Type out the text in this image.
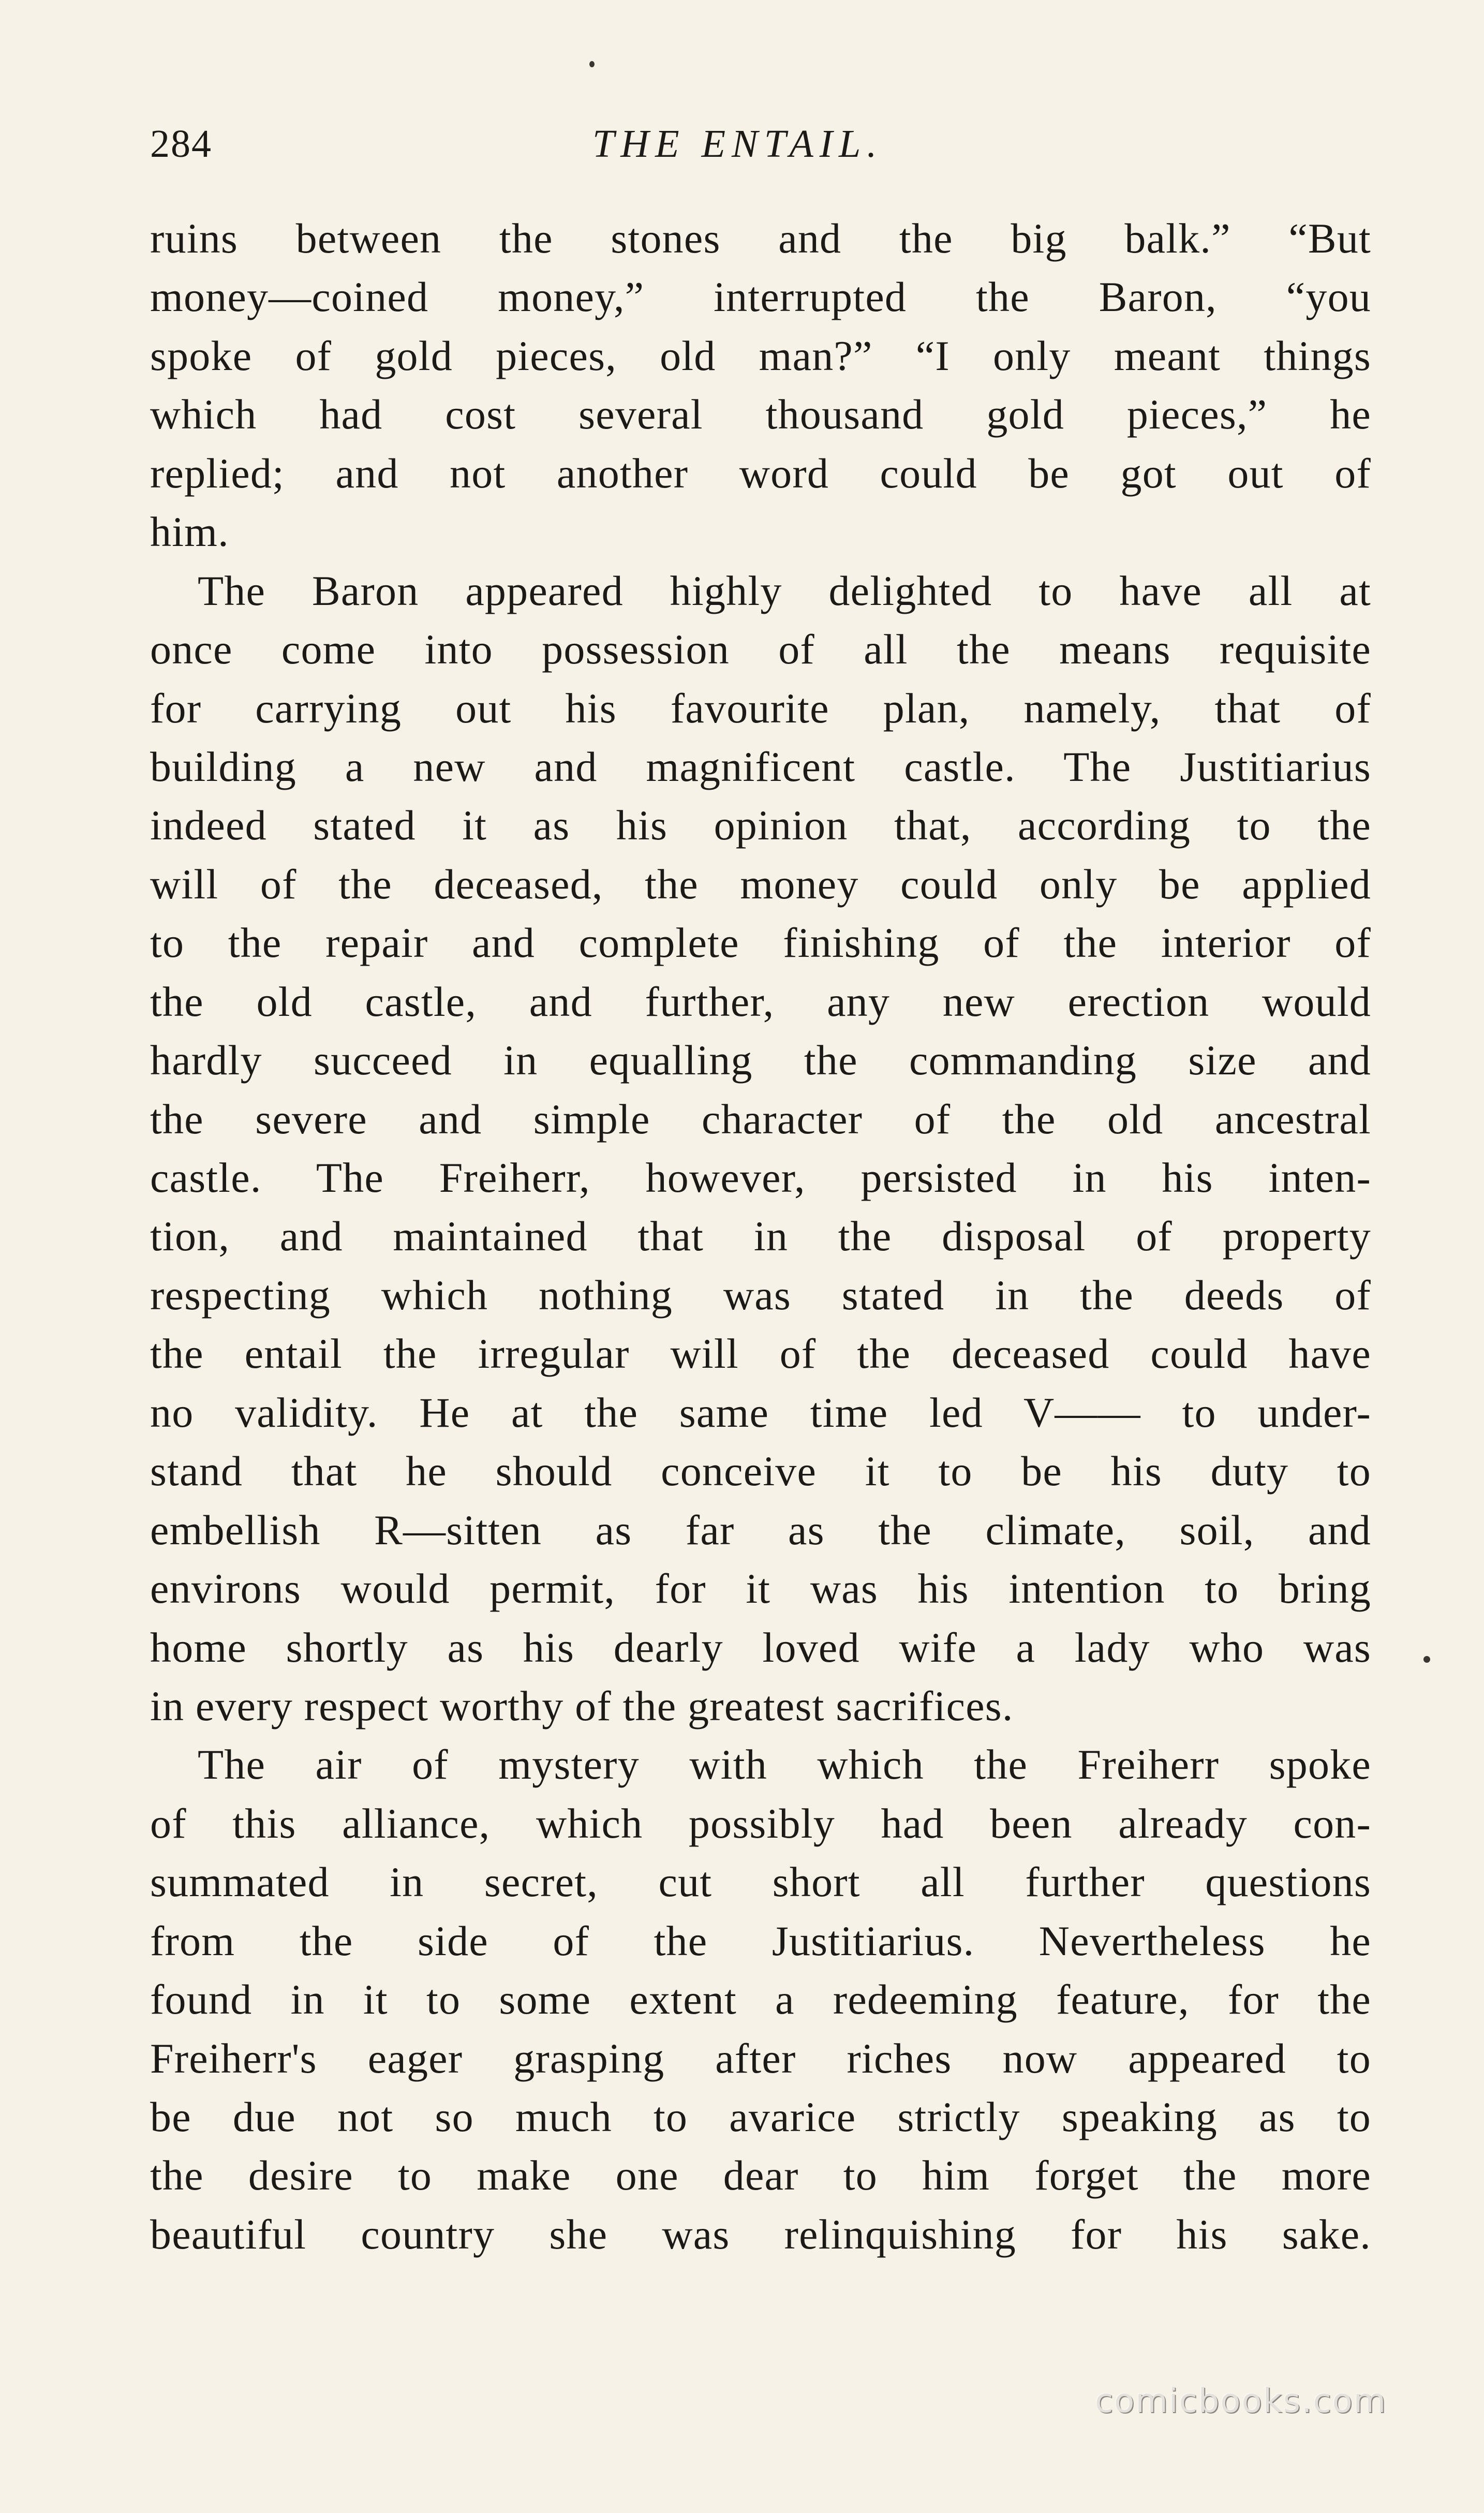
284	THE ENTAIL.
ruins between the stones and the big balk.” “But
money—coined money,” interrupted the Baron, “you
spoke of gold pieces, old man?” “I only meant things
which had cost several thousand gold pieces,” he
replied; and not another word could be got out of
him.
The Baron appeared highly delighted to have all at
once come into possession of all the means requisite
for carrying out his favourite plan, namely, that of
building a new and magnificent castle. The Justitiarius
indeed stated it as his opinion that, according to the
will of the deceased, the money could only be applied
to the repair and complete finishing of the interior of
the old castle, and further, any new erection would
hardly succeed in equalling the commanding size and
the severe and simple character of the old ancestral
castle. The Freiherr, however, persisted in his inten-
tion, and maintained that in the disposal of property
respecting which nothing was stated in the deeds of
the entail the irregular will of the deceased could have
no validity. He at the same time led V—— to under-
stand that he should conceive it to be his duty to
embellish R—sitten as far as the climate, soil, and
environs would permit, for it was his intention to bring
home shortly as his dearly loved wife a lady who was
in every respect worthy of the greatest sacrifices.
The air of mystery with which the Freiherr spoke
of this alliance, which possibly had been already con-
summated in secret, cut short all further questions
from the side of the Justitiarius. Nevertheless he
found in it to some extent a redeeming feature, for the
Freiherr's eager grasping after riches now appeared to
be due not so much to avarice strictly speaking as to
the desire to make one dear to him forget the more
beautiful country she was relinquishing for his sake.
comicbooks.com
